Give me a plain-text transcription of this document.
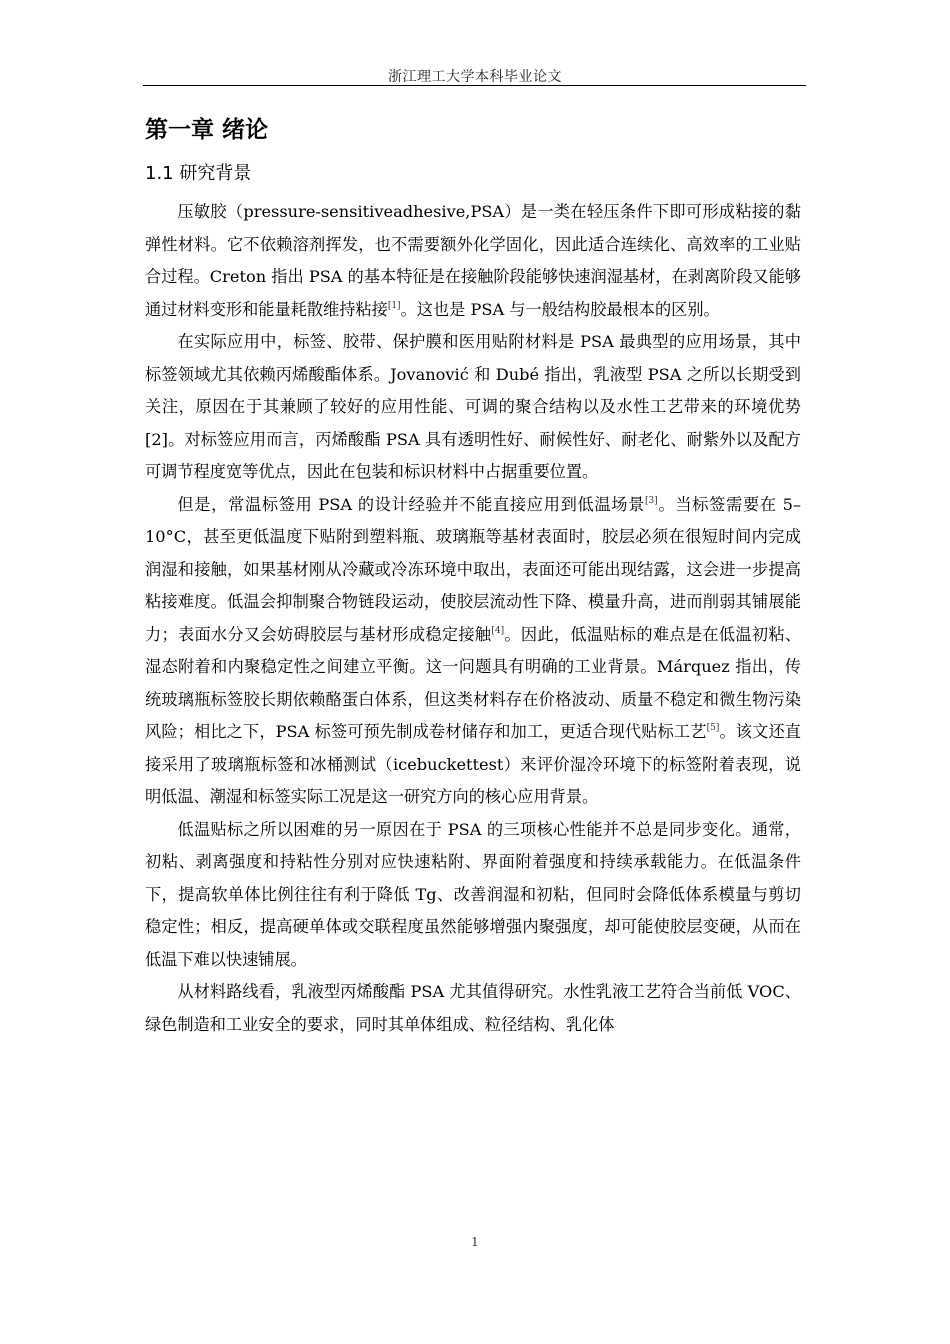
浙江理工大学本科毕业论文
第一章 绪论
1.1 研究背景

压敏胶（pressure-sensitiveadhesive,PSA）是一类在轻压条件下即可形成粘接的黏弹性材料。它不依赖溶剂挥发，也不需要额外化学固化，因此适合连续化、高效率的工业贴合过程。Creton 指出 PSA 的基本特征是在接触阶段能够快速润湿基材，在剥离阶段又能够通过材料变形和能量耗散维持粘接[1]。这也是 PSA 与一般结构胶最根本的区别。

在实际应用中，标签、胶带、保护膜和医用贴附材料是 PSA 最典型的应用场景，其中标签领域尤其依赖丙烯酸酯体系。Jovanović 和 Dubé 指出，乳液型 PSA 之所以长期受到关注，原因在于其兼顾了较好的应用性能、可调的聚合结构以及水性工艺带来的环境优势[2]。对标签应用而言，丙烯酸酯 PSA 具有透明性好、耐候性好、耐老化、耐紫外以及配方可调节程度宽等优点，因此在包装和标识材料中占据重要位置。

但是，常温标签用 PSA 的设计经验并不能直接应用到低温场景[3]。当标签需要在 5–10°C，甚至更低温度下贴附到塑料瓶、玻璃瓶等基材表面时，胶层必须在很短时间内完成润湿和接触，如果基材刚从冷藏或冷冻环境中取出，表面还可能出现结露，这会进一步提高粘接难度。低温会抑制聚合物链段运动，使胶层流动性下降、模量升高，进而削弱其铺展能力；表面水分又会妨碍胶层与基材形成稳定接触[4]。因此，低温贴标的难点是在低温初粘、湿态附着和内聚稳定性之间建立平衡。这一问题具有明确的工业背景。Márquez 指出，传统玻璃瓶标签胶长期依赖酪蛋白体系，但这类材料存在价格波动、质量不稳定和微生物污染风险；相比之下，PSA 标签可预先制成卷材储存和加工，更适合现代贴标工艺[5]。该文还直接采用了玻璃瓶标签和冰桶测试（icebuckettest）来评价湿冷环境下的标签附着表现，说明低温、潮湿和标签实际工况是这一研究方向的核心应用背景。

低温贴标之所以困难的另一原因在于 PSA 的三项核心性能并不总是同步变化。通常，初粘、剥离强度和持粘性分别对应快速粘附、界面附着强度和持续承载能力。在低温条件下，提高软单体比例往往有利于降低 Tg、改善润湿和初粘，但同时会降低体系模量与剪切稳定性；相反，提高硬单体或交联程度虽然能够增强内聚强度，却可能使胶层变硬，从而在低温下难以快速铺展。

从材料路线看，乳液型丙烯酸酯 PSA 尤其值得研究。水性乳液工艺符合当前低 VOC、绿色制造和工业安全的要求，同时其单体组成、粒径结构、乳化体

1
